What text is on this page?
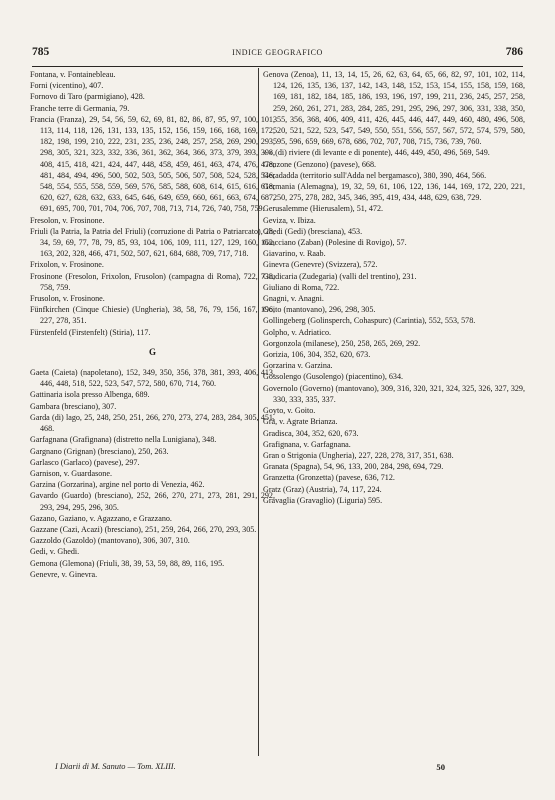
785	INDICE GEOGRAFICO	786

Fontana, v. Fontainebleau.

Forni (vicentino), 407.

Fornovo di Taro (parmigiano), 428.

Franche terre di Germania, 79.

Francia (Franza), 29, 54, 56, 59, 62, 69, 81, 82, 86, 87, 95, 97, 100, 101, 113, 114, 118, 126, 131, 133, 135, 152, 156, 159, 166, 168, 169, 172, 182, 198, 199, 210, 222, 231, 235, 236, 248, 257, 258, 269, 290, 293, 298, 305, 321, 323, 332, 336, 361, 362, 364, 366, 373, 379, 393, 398, 408, 415, 418, 421, 424, 447, 448, 458, 459, 461, 463, 474, 476, 478, 481, 484, 494, 496, 500, 502, 503, 505, 506, 507, 508, 524, 528, 546, 548, 554, 555, 558, 559, 569, 576, 585, 588, 608, 614, 615, 616, 618, 620, 627, 628, 632, 633, 645, 646, 649, 659, 660, 661, 663, 674, 687, 691, 695, 700, 701, 704, 706, 707, 708, 713, 714, 726, 740, 758, 759.

Fresolon, v. Frosinone.

Friuli (la Patria, la Patria del Friuli) (corruzione di Patria o Patriarcato), 28, 34, 59, 69, 77, 78, 79, 85, 93, 104, 106, 109, 111, 127, 129, 160, 162, 163, 202, 328, 466, 471, 502, 507, 621, 684, 688, 709, 717, 718.

Frixolon, v. Frosinone.

Frosinone (Fresolon, Frixolon, Frusolon) (campagna di Roma), 722, 738, 758, 759.

Frusolon, v. Frosinone.

Fünfkirchen (Cinque Chiesie) (Ungheria), 38, 58, 76, 79, 156, 167, 196, 227, 278, 351.

Fürstenfeld (Firstenfelt) (Stiria), 117.

G

Gaeta (Caieta) (napoletano), 152, 349, 350, 356, 378, 381, 393, 406, 413, 446, 448, 518, 522, 523, 547, 572, 580, 670, 714, 760.

Gattinaria isola presso Albenga, 689.

Gambara (bresciano), 307.

Garda (di) lago, 25, 248, 250, 251, 266, 270, 273, 274, 283, 284, 305, 451, 468.

Garfagnana (Grafignana) (distretto nella Lunigiana), 348.

Gargnano (Grignan) (bresciano), 250, 263.

Garlasco (Garlaco) (pavese), 297.

Garnison, v. Guardasone.

Garzina (Gorzarina), argine nel porto di Venezia, 462.

Gavardo (Guardo) (bresciano), 252, 266, 270, 271, 273, 281, 291, 292, 293, 294, 295, 296, 305.

Gazano, Gaziano, v. Agazzano, e Grazzano.

Gazzane (Cazi, Acazi) (bresciano), 251, 259, 264, 266, 270, 293, 305.

Gazzoldo (Gazoldo) (mantovano), 306, 307, 310.

Gedi, v. Ghedi.

Gemona (Glemona) (Friuli, 38, 39, 53, 59, 88, 89, 116, 195.

Genevre, v. Ginevra.

Genova (Zenoa), 11, 13, 14, 15, 26, 62, 63, 64, 65, 66, 82, 97, 101, 102, 114, 124, 126, 135, 136, 137, 142, 143, 148, 152, 153, 154, 155, 158, 159, 168, 169, 181, 182, 184, 185, 186, 193, 196, 197, 199, 211, 236, 245, 257, 258, 259, 260, 261, 271, 283, 284, 285, 291, 295, 296, 297, 306, 331, 338, 350, 355, 356, 368, 406, 409, 411, 426, 445, 446, 447, 449, 460, 480, 496, 508, 520, 521, 522, 523, 547, 549, 550, 551, 556, 557, 567, 572, 574, 579, 580, 595, 596, 659, 669, 678, 686, 702, 707, 708, 715, 736, 739, 760.

» » (di) riviere (di levante e di ponente), 446, 449, 450, 496, 569, 549.

Genzone (Genzono) (pavese), 668.

Geradadda (territorio sull'Adda nel bergamasco), 380, 390, 464, 566.

Germania (Alemagna), 19, 32, 59, 61, 106, 122, 136, 144, 169, 172, 220, 221, 250, 275, 278, 282, 345, 346, 395, 419, 434, 448, 629, 638, 729.

Gerusalemme (Hierusalem), 51, 472.

Geviza, v. Ibiza.

Ghedi (Gedi) (bresciana), 453.

Giacciano (Zaban) (Polesine di Rovigo), 57.

Giavarino, v. Raab.

Ginevra (Genevre) (Svizzera), 572.

Giudicaria (Zudegaria) (valli del trentino), 231.

Giuliano di Roma, 722.

Gnagni, v. Anagni.

Goito (mantovano), 296, 298, 305.

Gollingeberg (Golinsperch, Cohaspurc) (Carintia), 552, 553, 578.

Golpho, v. Adriatico.

Gorgonzola (milanese), 250, 258, 265, 269, 292.

Gorizia, 106, 304, 352, 620, 673.

Gorzarina v. Garzina.

Gossolengo (Gusolengo) (piacentino), 634.

Governolo (Governo) (mantovano), 309, 316, 320, 321, 324, 325, 326, 327, 329, 330, 333, 335, 337.

Goyto, v. Goito.

Grà, v. Agrate Brianza.

Gradisca, 304, 352, 620, 673.

Grafignana, v. Garfagnana.

Gran o Strigonia (Ungheria), 227, 228, 278, 317, 351, 638.

Granata (Spagna), 54, 96, 133, 200, 284, 298, 694, 729.

Granzetta (Gronzetta) (pavese, 636, 712.

Gratz (Graz) (Austria), 74, 117, 224.

Gravaglia (Gravaglio) (Liguria) 595.

I Diarii di M. Sanuto — Tom. XLIII.	50
